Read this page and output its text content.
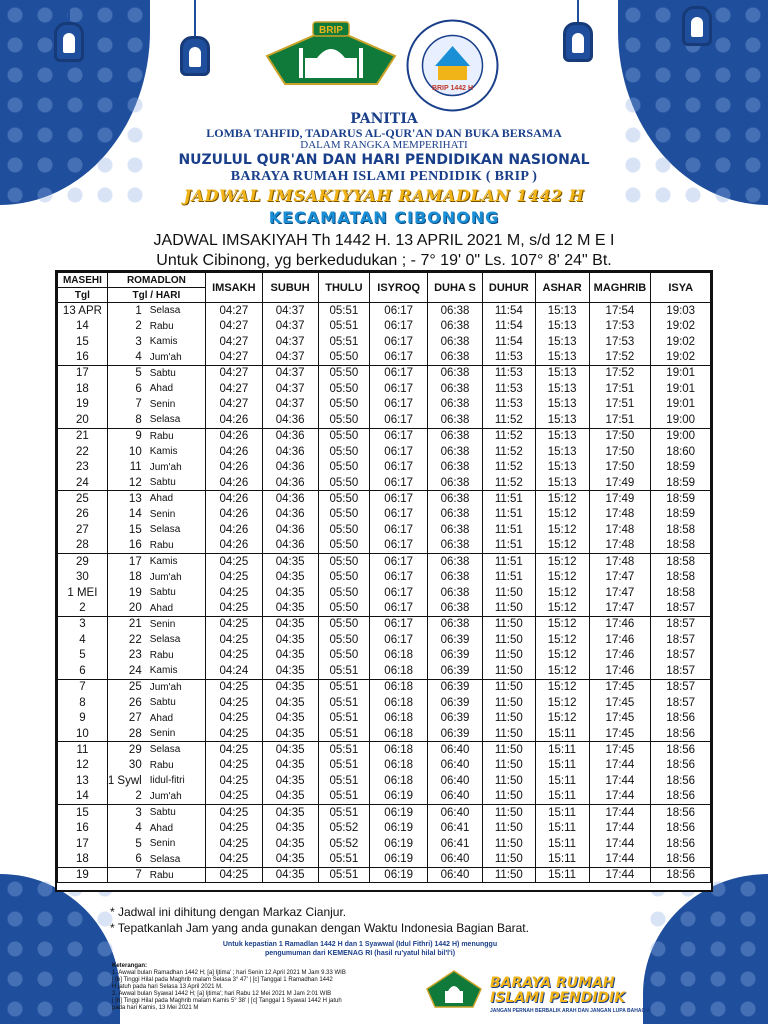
BRIP
BRIP 1442 H
PANITIA
LOMBA TAHFID, TADARUS AL-QUR'AN DAN BUKA BERSAMA
DALAM RANGKA MEMPERIHATI
NUZULUL QUR'AN DAN HARI PENDIDIKAN NASIONAL
BARAYA RUMAH ISLAMI PENDIDIK ( BRIP )
JADWAL IMSAKIYYAH RAMADLAN 1442 H
KECAMATAN CIBONONG
JADWAL IMSAKIYAH Th 1442 H. 13 APRIL 2021 M, s/d 12 M E I
Untuk Cibinong, yg berkedudukan ; - 7° 19' 0" Ls. 107° 8' 24" Bt.
MASEHI	ROMADLON		IMSAKH	SUBUH	THULU	ISYROQ	DUHA S	DUHUR	ASHAR	MAGHRIB	ISYA
Tgl	Tgl / HARI										
13 APR	1	Selasa	04:27	04:37	05:51	06:17	06:38	11:54	15:13	17:54	19:03
14	2	Rabu	04:27	04:37	05:51	06:17	06:38	11:54	15:13	17:53	19:02
15	3	Kamis	04:27	04:37	05:51	06:17	06:38	11:54	15:13	17:53	19:02
16	4	Jum'ah	04:27	04:37	05:50	06:17	06:38	11:53	15:13	17:52	19:02
17	5	Sabtu	04:27	04:37	05:50	06:17	06:38	11:53	15:13	17:52	19:01
18	6	Ahad	04:27	04:37	05:50	06:17	06:38	11:53	15:13	17:51	19:01
19	7	Senin	04:27	04:37	05:50	06:17	06:38	11:53	15:13	17:51	19:01
20	8	Selasa	04:26	04:36	05:50	06:17	06:38	11:52	15:13	17:51	19:00
21	9	Rabu	04:26	04:36	05:50	06:17	06:38	11:52	15:13	17:50	19:00
22	10	Kamis	04:26	04:36	05:50	06:17	06:38	11:52	15:13	17:50	18:60
23	11	Jum'ah	04:26	04:36	05:50	06:17	06:38	11:52	15:13	17:50	18:59
24	12	Sabtu	04:26	04:36	05:50	06:17	06:38	11:52	15:13	17:49	18:59
25	13	Ahad	04:26	04:36	05:50	06:17	06:38	11:51	15:12	17:49	18:59
26	14	Senin	04:26	04:36	05:50	06:17	06:38	11:51	15:12	17:48	18:59
27	15	Selasa	04:26	04:36	05:50	06:17	06:38	11:51	15:12	17:48	18:58
28	16	Rabu	04:26	04:36	05:50	06:17	06:38	11:51	15:12	17:48	18:58
29	17	Kamis	04:25	04:35	05:50	06:17	06:38	11:51	15:12	17:48	18:58
30	18	Jum'ah	04:25	04:35	05:50	06:17	06:38	11:51	15:12	17:47	18:58
1 MEI	19	Sabtu	04:25	04:35	05:50	06:17	06:38	11:50	15:12	17:47	18:58
2	20	Ahad	04:25	04:35	05:50	06:17	06:38	11:50	15:12	17:47	18:57
3	21	Senin	04:25	04:35	05:50	06:17	06:38	11:50	15:12	17:46	18:57
4	22	Selasa	04:25	04:35	05:50	06:17	06:39	11:50	15:12	17:46	18:57
5	23	Rabu	04:25	04:35	05:50	06:18	06:39	11:50	15:12	17:46	18:57
6	24	Kamis	04:24	04:35	05:51	06:18	06:39	11:50	15:12	17:46	18:57
7	25	Jum'ah	04:25	04:35	05:51	06:18	06:39	11:50	15:12	17:45	18:57
8	26	Sabtu	04:25	04:35	05:51	06:18	06:39	11:50	15:12	17:45	18:57
9	27	Ahad	04:25	04:35	05:51	06:18	06:39	11:50	15:12	17:45	18:56
10	28	Senin	04:25	04:35	05:51	06:18	06:39	11:50	15:11	17:45	18:56
11	29	Selasa	04:25	04:35	05:51	06:18	06:40	11:50	15:11	17:45	18:56
12	30	Rabu	04:25	04:35	05:51	06:18	06:40	11:50	15:11	17:44	18:56
13	1 Sywl	Iidul-fitri	04:25	04:35	05:51	06:18	06:40	11:50	15:11	17:44	18:56
14	2	Jum'ah	04:25	04:35	05:51	06:19	06:40	11:50	15:11	17:44	18:56
15	3	Sabtu	04:25	04:35	05:51	06:19	06:40	11:50	15:11	17:44	18:56
16	4	Ahad	04:25	04:35	05:52	06:19	06:41	11:50	15:11	17:44	18:56
17	5	Senin	04:25	04:35	05:52	06:19	06:41	11:50	15:11	17:44	18:56
18	6	Selasa	04:25	04:35	05:51	06:19	06:40	11:50	15:11	17:44	18:56
19	7	Rabu	04:25	04:35	05:51	06:19	06:40	11:50	15:11	17:44	18:56
* Jadwal ini dihitung dengan Markaz Cianjur.
* Tepatkanlah Jam yang anda gunakan dengan Waktu Indonesia Bagian Barat.
Untuk kepastian 1 Ramadlan 1442 H dan 1 Syawwal (Idul Fithri) 1442 H) menunggu pengumuman dari KEMENAG RI (hasil ru'yatul hilal bil'l'i)
Keterangan:
1. Awwal bulan Ramadhan 1442 H; [a] Ijtima' ; hari Senin 12 April 2021 M Jam 9.33 WIB
| [b] Tinggi Hilal pada Maghrib malam Selasa 3° 47' | [c] Tanggal 1 Ramadhan 1442
H jatuh pada hari Selasa 13 April 2021 M.
2. Awwal bulan Syawal 1442 H; [a] Ijtima'; hari Rabu 12 Mei 2021 M Jam 2:01 WIB
| [b] Tinggi Hilal pada Maghrib malam Kamis 5° 38' | [c] Tanggal 1 Syawal 1442 H jatuh
pada hari Kamis, 13 Mei 2021 M
BARAYA RUMAH
ISLAMI PENDIDIK
JANGAN PERNAH BERBALIK ARAH DAN JANGAN LUPA BAHAGIA
